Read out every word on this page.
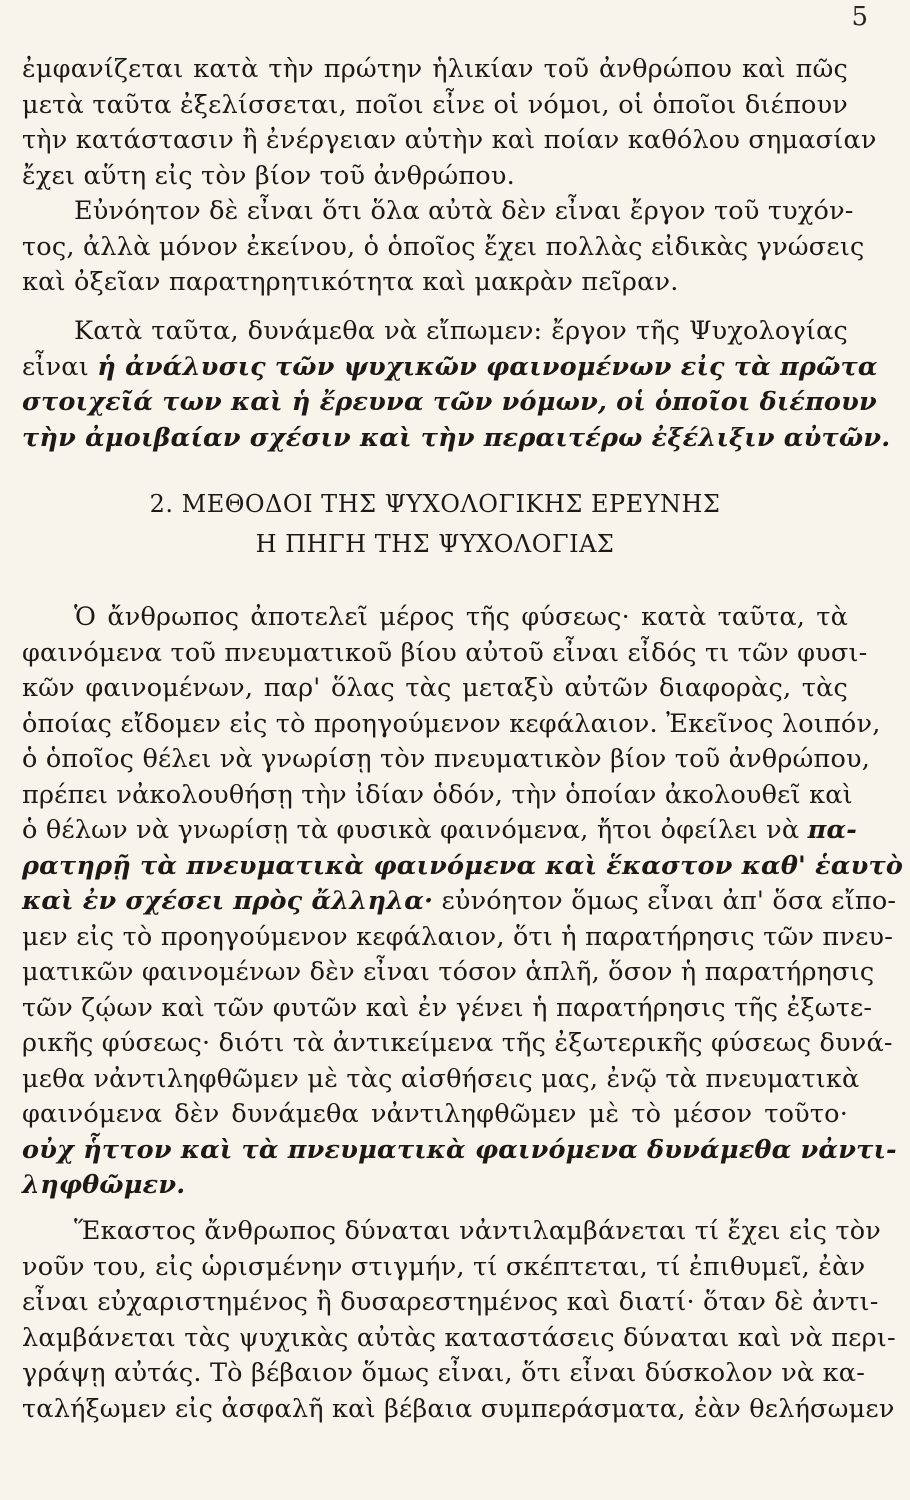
5
ἐμφανίζεται κατὰ τὴν πρώτην ἡλικίαν τοῦ ἀνθρώπου καὶ πῶς
μετὰ ταῦτα ἐξελίσσεται, ποῖοι εἶνε οἱ νόμοι, οἱ ὁποῖοι διέπουν
τὴν κατάστασιν ἢ ἐνέργειαν αὐτὴν καὶ ποίαν καθόλου σημασίαν
ἔχει αὕτη εἰς τὸν βίον τοῦ ἀνθρώπου.
Εὐνόητον δὲ εἶναι ὅτι ὅλα αὐτὰ δὲν εἶναι ἔργον τοῦ τυχόν-
τος, ἀλλὰ μόνον ἐκείνου, ὁ ὁποῖος ἔχει πολλὰς εἰδικὰς γνώσεις
καὶ ὀξεῖαν παρατηρητικότητα καὶ μακρὰν πεῖραν.
Κατὰ ταῦτα, δυνάμεθα νὰ εἴπωμεν: ἔργον τῆς Ψυχολογίας
εἶναι ἡ ἀνάλυσις τῶν ψυχικῶν φαινομένων εἰς τὰ πρῶτα
στοιχεῖά των καὶ ἡ ἔρευνα τῶν νόμων, οἱ ὁποῖοι διέπουν
τὴν ἀμοιβαίαν σχέσιν καὶ τὴν περαιτέρω ἐξέλιξιν αὐτῶν.
2. ΜΕΘΟΔΟΙ ΤΗΣ ΨΥΧΟΛΟΓΙΚΗΣ ΕΡΕΥΝΗΣ
Η ΠΗΓΗ ΤΗΣ ΨΥΧΟΛΟΓΙΑΣ
Ὁ ἄνθρωπος ἀποτελεῖ μέρος τῆς φύσεως· κατὰ ταῦτα, τὰ
φαινόμενα τοῦ πνευματικοῦ βίου αὐτοῦ εἶναι εἶδός τι τῶν φυσι-
κῶν φαινομένων, παρ' ὅλας τὰς μεταξὺ αὐτῶν διαφορὰς, τὰς
ὁποίας εἴδομεν εἰς τὸ προηγούμενον κεφάλαιον. Ἐκεῖνος λοιπόν,
ὁ ὁποῖος θέλει νὰ γνωρίσῃ τὸν πνευματικὸν βίον τοῦ ἀνθρώπου,
πρέπει νἀκολουθήσῃ τὴν ἰδίαν ὁδόν, τὴν ὁποίαν ἀκολουθεῖ καὶ
ὁ θέλων νὰ γνωρίσῃ τὰ φυσικὰ φαινόμενα, ἤτοι ὀφείλει νὰ πα-
ρατηρῇ τὰ πνευματικὰ φαινόμενα καὶ ἕκαστον καθ' ἑαυτὸ
καὶ ἐν σχέσει πρὸς ἄλληλα· εὐνόητον ὅμως εἶναι ἀπ' ὅσα εἴπο-
μεν εἰς τὸ προηγούμενον κεφάλαιον, ὅτι ἡ παρατήρησις τῶν πνευ-
ματικῶν φαινομένων δὲν εἶναι τόσον ἁπλῆ, ὅσον ἡ παρατήρησις
τῶν ζῴων καὶ τῶν φυτῶν καὶ ἐν γένει ἡ παρατήρησις τῆς ἐξωτε-
ρικῆς φύσεως· διότι τὰ ἀντικείμενα τῆς ἐξωτερικῆς φύσεως δυνά-
μεθα νἀντιληφθῶμεν μὲ τὰς αἰσθήσεις μας, ἐνῷ τὰ πνευματικὰ
φαινόμενα δὲν δυνάμεθα νἀντιληφθῶμεν μὲ τὸ μέσον τοῦτο·
οὐχ ἧττον καὶ τὰ πνευματικὰ φαινόμενα δυνάμεθα νἀντι-
ληφθῶμεν.
Ἕκαστος ἄνθρωπος δύναται νἀντιλαμβάνεται τί ἔχει εἰς τὸν
νοῦν του, εἰς ὡρισμένην στιγμήν, τί σκέπτεται, τί ἐπιθυμεῖ, ἐὰν
εἶναι εὐχαριστημένος ἢ δυσαρεστημένος καὶ διατί· ὅταν δὲ ἀντι-
λαμβάνεται τὰς ψυχικὰς αὐτὰς καταστάσεις δύναται καὶ νὰ περι-
γράψῃ αὐτάς. Τὸ βέβαιον ὅμως εἶναι, ὅτι εἶναι δύσκολον νὰ κα-
ταλήξωμεν εἰς ἀσφαλῆ καὶ βέβαια συμπεράσματα, ἐὰν θελήσωμεν
